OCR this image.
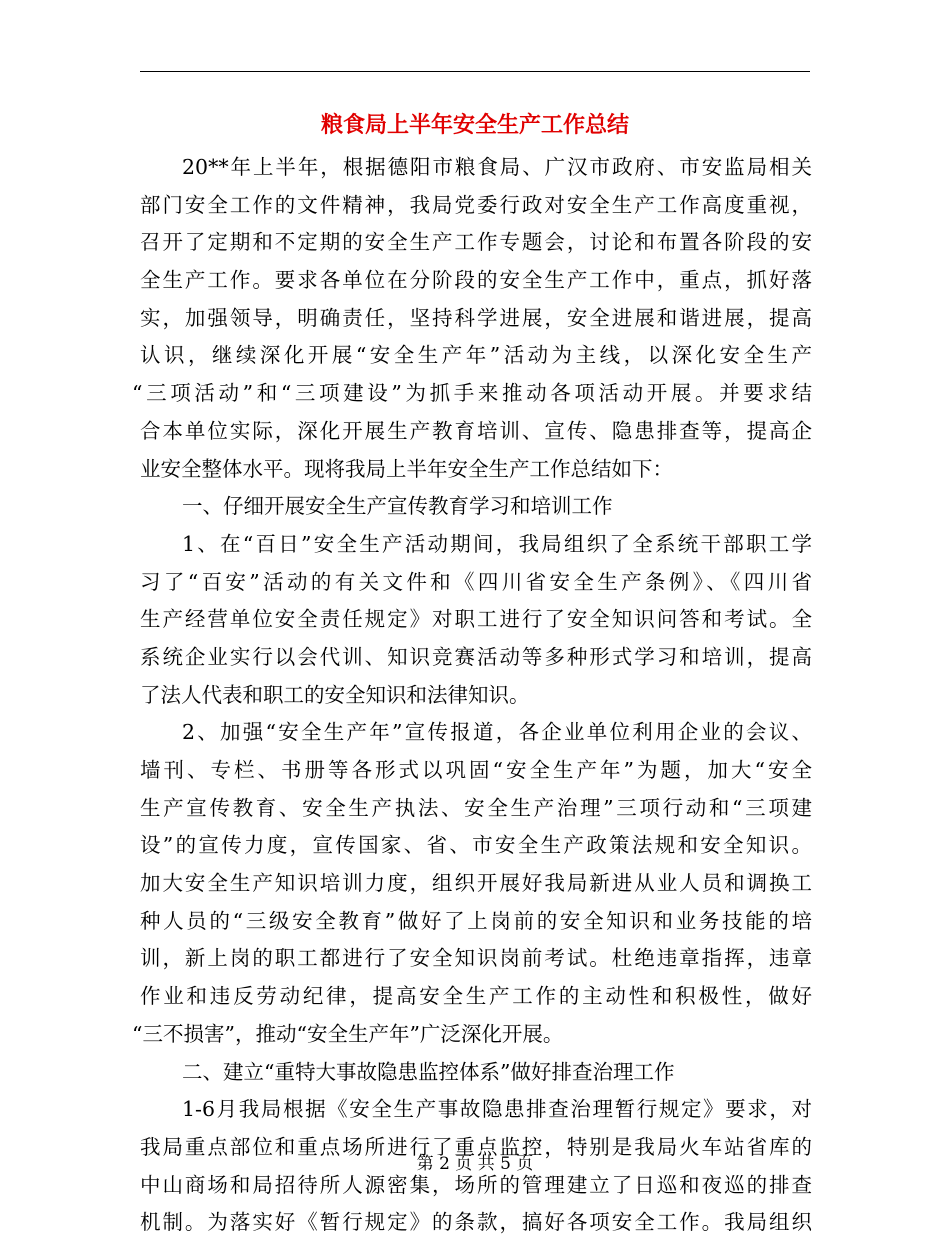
粮食局上半年安全生产工作总结
20**年上半年，根据德阳市粮食局、广汉市政府、市安监局相关
部门安全工作的文件精神，我局党委行政对安全生产工作高度重视，
召开了定期和不定期的安全生产工作专题会，讨论和布置各阶段的安
全生产工作。要求各单位在分阶段的安全生产工作中，重点，抓好落
实，加强领导，明确责任，坚持科学进展，安全进展和谐进展，提高
认识，继续深化开展“安全生产年”活动为主线，以深化安全生产
“三项活动”和“三项建设”为抓手来推动各项活动开展。并要求结
合本单位实际，深化开展生产教育培训、宣传、隐患排查等，提高企
业安全整体水平。现将我局上半年安全生产工作总结如下：
一、仔细开展安全生产宣传教育学习和培训工作
1、在“百日”安全生产活动期间，我局组织了全系统干部职工学
习了“百安”活动的有关文件和《四川省安全生产条例》、《四川省
生产经营单位安全责任规定》对职工进行了安全知识问答和考试。全
系统企业实行以会代训、知识竞赛活动等多种形式学习和培训，提高
了法人代表和职工的安全知识和法律知识。
2、加强“安全生产年”宣传报道，各企业单位利用企业的会议、
墙刊、专栏、书册等各形式以巩固“安全生产年”为题，加大“安全
生产宣传教育、安全生产执法、安全生产治理”三项行动和“三项建
设”的宣传力度，宣传国家、省、市安全生产政策法规和安全知识。
加大安全生产知识培训力度，组织开展好我局新进从业人员和调换工
种人员的“三级安全教育”做好了上岗前的安全知识和业务技能的培
训，新上岗的职工都进行了安全知识岗前考试。杜绝违章指挥，违章
作业和违反劳动纪律，提高安全生产工作的主动性和积极性，做好
“三不损害”，推动“安全生产年”广泛深化开展。
二、建立“重特大事故隐患监控体系”做好排查治理工作
1-6月我局根据《安全生产事故隐患排查治理暂行规定》要求，对
我局重点部位和重点场所进行了重点监控，特别是我局火车站省库的
中山商场和局招待所人源密集，场所的管理建立了日巡和夜巡的排查
机制。为落实好《暂行规定》的条款，搞好各项安全工作。我局组织
第 2 页 共 5 页
